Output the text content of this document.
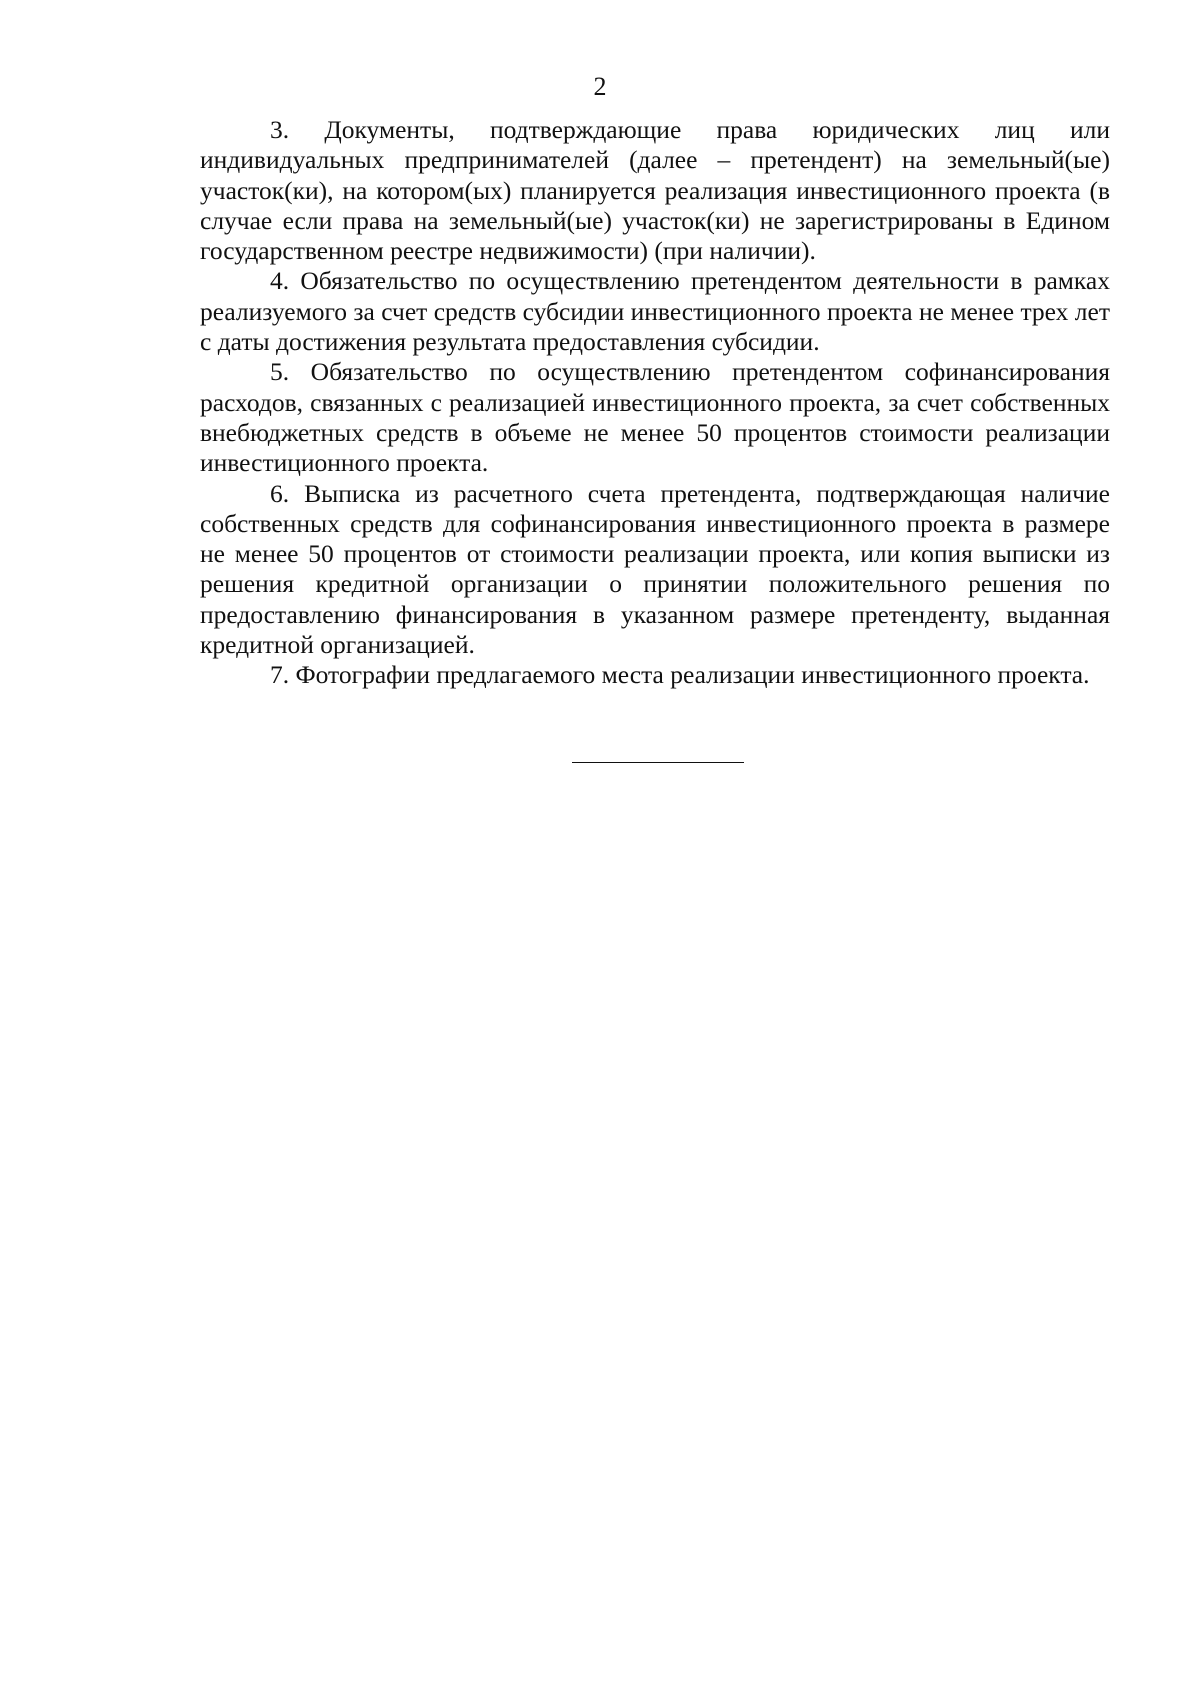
2

3. Документы, подтверждающие права юридических лиц или индивидуальных предпринимателей (далее – претендент) на земельный(ые) участок(ки), на котором(ых) планируется реализация инвестиционного проекта (в случае если права на земельный(ые) участок(ки) не зарегистрированы в Едином государственном реестре недвижимости) (при наличии).

4. Обязательство по осуществлению претендентом деятельности в рамках реализуемого за счет средств субсидии инвестиционного проекта не менее трех лет с даты достижения результата предоставления субсидии.

5. Обязательство по осуществлению претендентом софинансирования расходов, связанных с реализацией инвестиционного проекта, за счет собственных внебюджетных средств в объеме не менее 50 процентов стоимости реализации инвестиционного проекта.

6. Выписка из расчетного счета претендента, подтверждающая наличие собственных средств для софинансирования инвестиционного проекта в размере не менее 50 процентов от стоимости реализации проекта, или копия выписки из решения кредитной организации о принятии положительного решения по предоставлению финансирования в указанном размере претенденту, выданная кредитной организацией.

7. Фотографии предлагаемого места реализации инвестиционного проекта.
